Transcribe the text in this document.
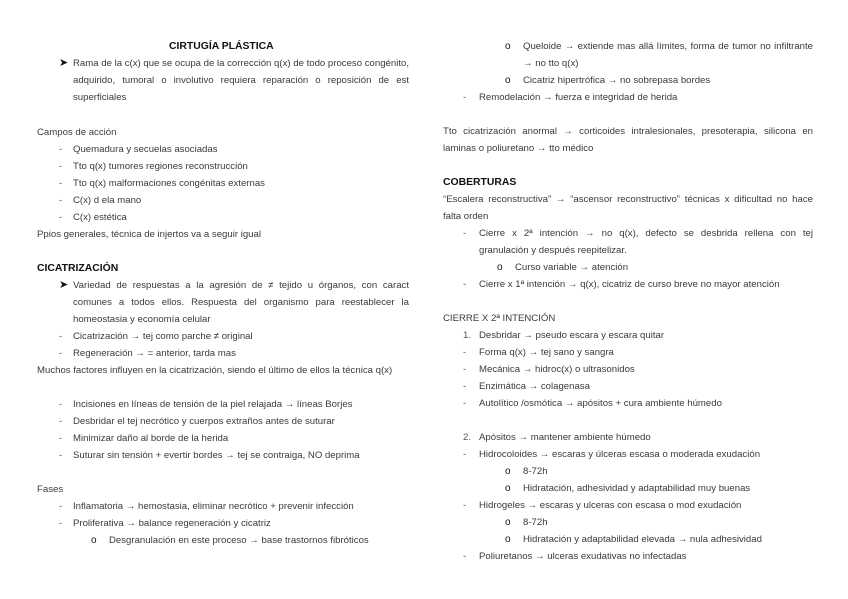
CIRTUGÍA PLÁSTICA
➤ Rama de la c(x) que se ocupa de la corrección q(x) de todo proceso congénito, adquirido, tumoral o involutivo requiera reparación o reposición de est superficiales
Campos de acción
- Quemadura y secuelas asociadas
- Tto q(x) tumores regiones reconstrucción
- Tto q(x) malformaciones congénitas externas
- C(x) d ela mano
- C(x) estética
Ppios generales, técnica de injertos va a seguir igual
CICATRIZACIÓN
➤ Variedad de respuestas a la agresión de ≠ tejido u órganos, con caract comunes a todos ellos. Respuesta del organismo para reestablecer la homeostasia y economía celular
- Cicatrización → tej como parche ≠ original
- Regeneración → = anterior, tarda mas
Muchos factores influyen en la cicatrización, siendo el último de ellos la técnica q(x)
- Incisiones en líneas de tensión de la piel relajada → líneas Borjes
- Desbridar el tej necrótico y cuerpos extraños antes de suturar
- Minimizar daño al borde de la herida
- Suturar sin tensión + evertir bordes → tej se contraiga, NO deprima
Fases
- Inflamatoria → hemostasia, eliminar necrótico + prevenir infección
- Proliferativa → balance regeneración y cicatriz
o Desgranulación en este proceso → base trastornos fibróticos
o Queloide → extiende mas allá límites, forma de tumor no infiltrante → no tto q(x)
o Cicatriz hipertrófica → no sobrepasa bordes
- Remodelación → fuerza e integridad de herida
Tto cicatrización anormal → corticoides intralesionales, presoterapia, silicona en laminas o poliuretano → tto médico
COBERTURAS
“Escalera reconstructiva” → “ascensor reconstructivo” técnicas x dificultad no hace falta orden
- Cierre x 2ª intención → no q(x), defecto se desbrida rellena con tej granulación y después reepitelizar.
o Curso variable → atención
- Cierre x 1ª intención → q(x), cicatriz de curso breve no mayor atención
CIERRE X 2ª INTENCIÓN
1. Desbridar → pseudo escara y escara quitar
- Forma q(x) → tej sano y sangra
- Mecánica → hidroc(x) o ultrasonidos
- Enzimática → colagenasa
- Autolítico /osmótica → apósitos + cura ambiente húmedo
2. Apósitos → mantener ambiente húmedo
- Hidrocoloides → escaras y úlceras escasa o moderada exudación
o 8-72h
o Hidratación, adhesividad y adaptabilidad muy buenas
- Hidrogeles → escaras y ulceras con escasa o mod exudación
o 8-72h
o Hidratación y adaptabilidad elevada → nula adhesividad
- Poliuretanos → ulceras exudativas no infectadas
